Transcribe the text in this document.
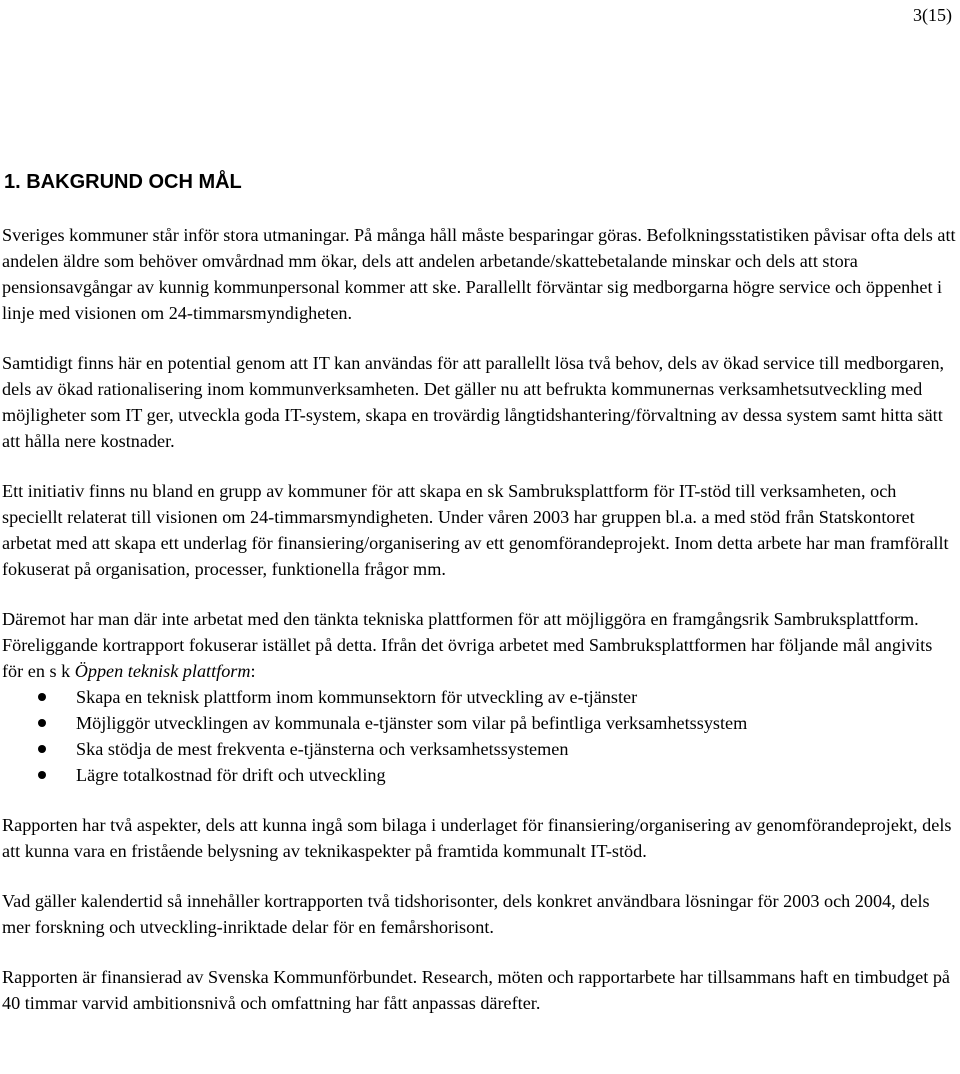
3(15)
1. BAKGRUND OCH MÅL

Sveriges kommuner står inför stora utmaningar. På många håll måste besparingar göras. Befolkningsstatistiken påvisar ofta dels att andelen äldre som behöver omvårdnad mm ökar, dels att andelen arbetande/skattebetalande minskar och dels att stora pensionsavgångar av kunnig kommunpersonal kommer att ske. Parallellt förväntar sig medborgarna högre service och öppenhet i linje med visionen om 24-timmarsmyndigheten.

Samtidigt finns här en potential genom att IT kan användas för att parallellt lösa två behov, dels av ökad service till medborgaren, dels av ökad rationalisering inom kommunverksamheten. Det gäller nu att befrukta kommunernas verksamhetsutveckling med möjligheter som IT ger, utveckla goda IT-system, skapa en trovärdig långtidshantering/förvaltning av dessa system samt hitta sätt att hålla nere kostnader.

Ett initiativ finns nu bland en grupp av kommuner för att skapa en sk Sambruksplattform för IT-stöd till verksamheten, och speciellt relaterat till visionen om 24-timmarsmyndigheten. Under våren 2003 har gruppen bl.a. a med stöd från Statskontoret arbetat med att skapa ett underlag för finansiering/organisering av ett genomförandeprojekt. Inom detta arbete har man framförallt fokuserat på organisation, processer, funktionella frågor mm.

Däremot har man där inte arbetat med den tänkta tekniska plattformen för att möjliggöra en framgångsrik Sambruksplattform. Föreliggande kortrapport fokuserar istället på detta. Ifrån det övriga arbetet med Sambruksplattformen har följande mål angivits för en s k Öppen teknisk plattform:

Skapa en teknisk plattform inom kommunsektorn för utveckling av e-tjänster
Möjliggör utvecklingen av kommunala e-tjänster som vilar på befintliga verksamhetssystem
Ska stödja de mest frekventa e-tjänsterna och verksamhetssystemen
Lägre totalkostnad för drift och utveckling

Rapporten har två aspekter, dels att kunna ingå som bilaga i underlaget för finansiering/organisering av genomförandeprojekt, dels att kunna vara en fristående belysning av teknikaspekter på framtida kommunalt IT-stöd.

Vad gäller kalendertid så innehåller kortrapporten två tidshorisonter, dels konkret användbara lösningar för 2003 och 2004, dels mer forskning och utveckling-inriktade delar för en femårshorisont.

Rapporten är finansierad av Svenska Kommunförbundet. Research, möten och rapportarbete har tillsammans haft en timbudget på 40 timmar varvid ambitionsnivå och omfattning har fått anpassas därefter.
